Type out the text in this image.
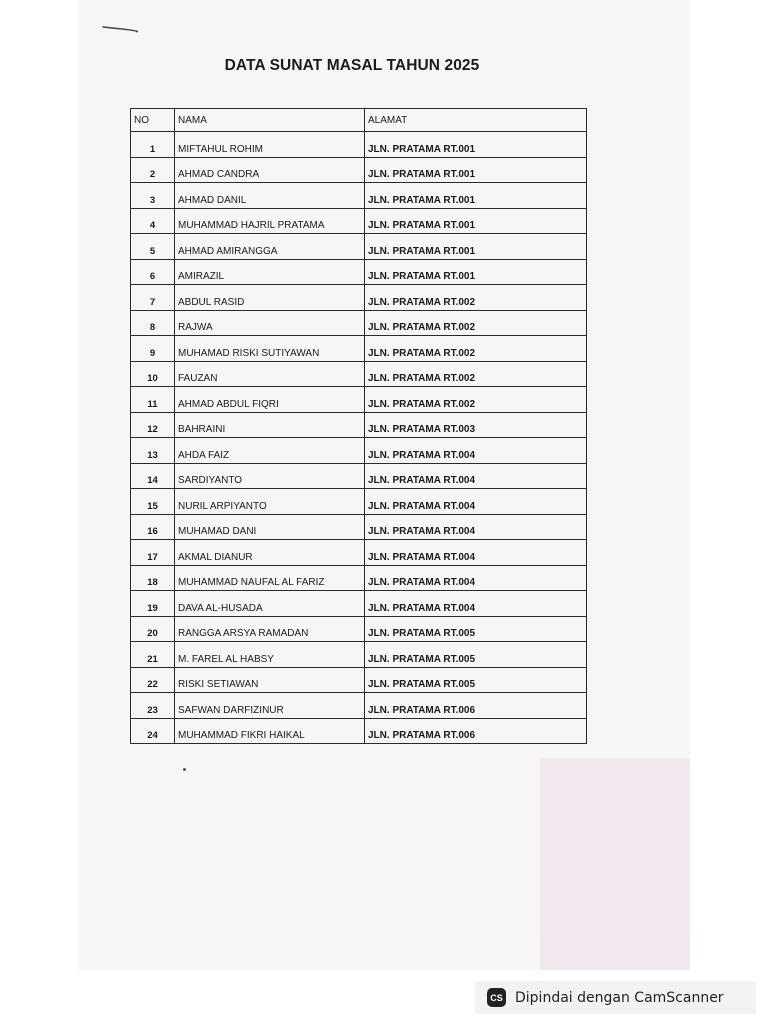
DATA SUNAT MASAL TAHUN 2025
NO	NAMA	ALAMAT
1	MIFTAHUL ROHIM	JLN. PRATAMA RT.001
2	AHMAD CANDRA	JLN. PRATAMA RT.001
3	AHMAD DANIL	JLN. PRATAMA RT.001
4	MUHAMMAD HAJRIL PRATAMA	JLN. PRATAMA RT.001
5	AHMAD AMIRANGGA	JLN. PRATAMA RT.001
6	AMIRAZIL	JLN. PRATAMA RT.001
7	ABDUL RASID	JLN. PRATAMA RT.002
8	RAJWA	JLN. PRATAMA RT.002
9	MUHAMAD RISKI SUTIYAWAN	JLN. PRATAMA RT.002
10	FAUZAN	JLN. PRATAMA RT.002
11	AHMAD ABDUL FIQRI	JLN. PRATAMA RT.002
12	BAHRAINI	JLN. PRATAMA RT.003
13	AHDA FAIZ	JLN. PRATAMA RT.004
14	SARDIYANTO	JLN. PRATAMA RT.004
15	NURIL ARPIYANTO	JLN. PRATAMA RT.004
16	MUHAMAD DANI	JLN. PRATAMA RT.004
17	AKMAL DIANUR	JLN. PRATAMA RT.004
18	MUHAMMAD NAUFAL AL FARIZ	JLN. PRATAMA RT.004
19	DAVA AL-HUSADA	JLN. PRATAMA RT.004
20	RANGGA ARSYA RAMADAN	JLN. PRATAMA RT.005
21	M. FAREL AL HABSY	JLN. PRATAMA RT.005
22	RISKI SETIAWAN	JLN. PRATAMA RT.005
23	SAFWAN DARFIZINUR	JLN. PRATAMA RT.006
24	MUHAMMAD FIKRI HAIKAL	JLN. PRATAMA RT.006
CS Dipindai dengan CamScanner
